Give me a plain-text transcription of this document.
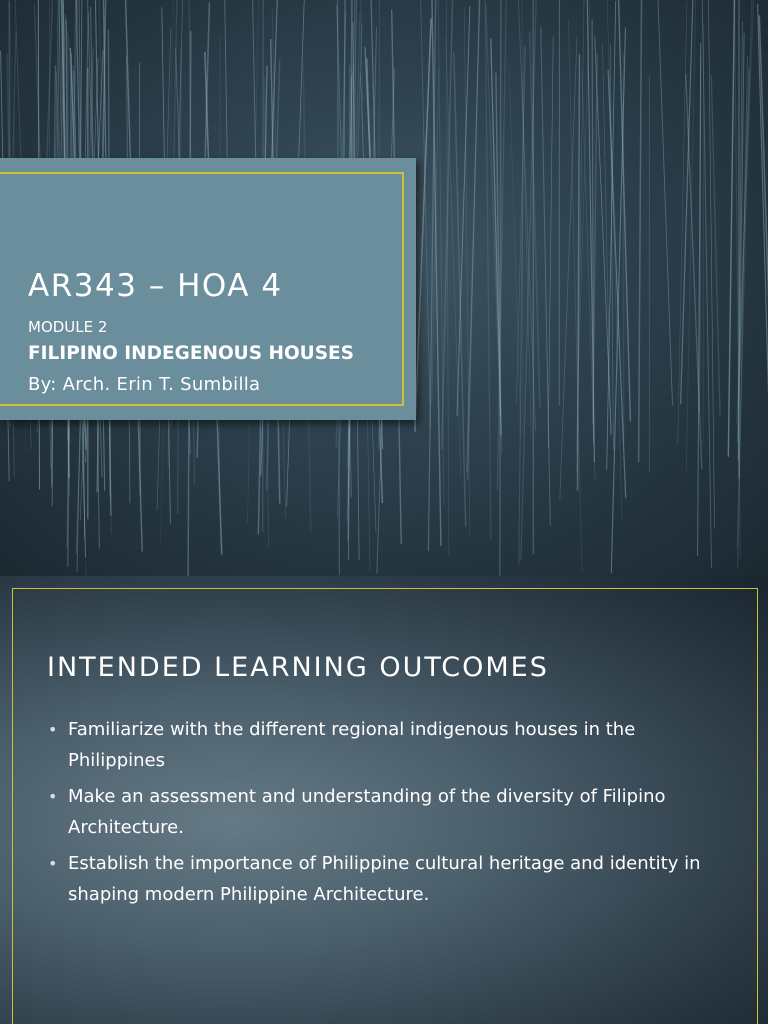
AR343 – HOA 4
MODULE 2
FILIPINO INDEGENOUS HOUSES
By: Arch. Erin T. Sumbilla
INTENDED LEARNING OUTCOMES
• Familiarize with the different regional indigenous houses in the Philippines
• Make an assessment and understanding of the diversity of Filipino Architecture.
• Establish the importance of Philippine cultural heritage and identity in shaping modern Philippine Architecture.
